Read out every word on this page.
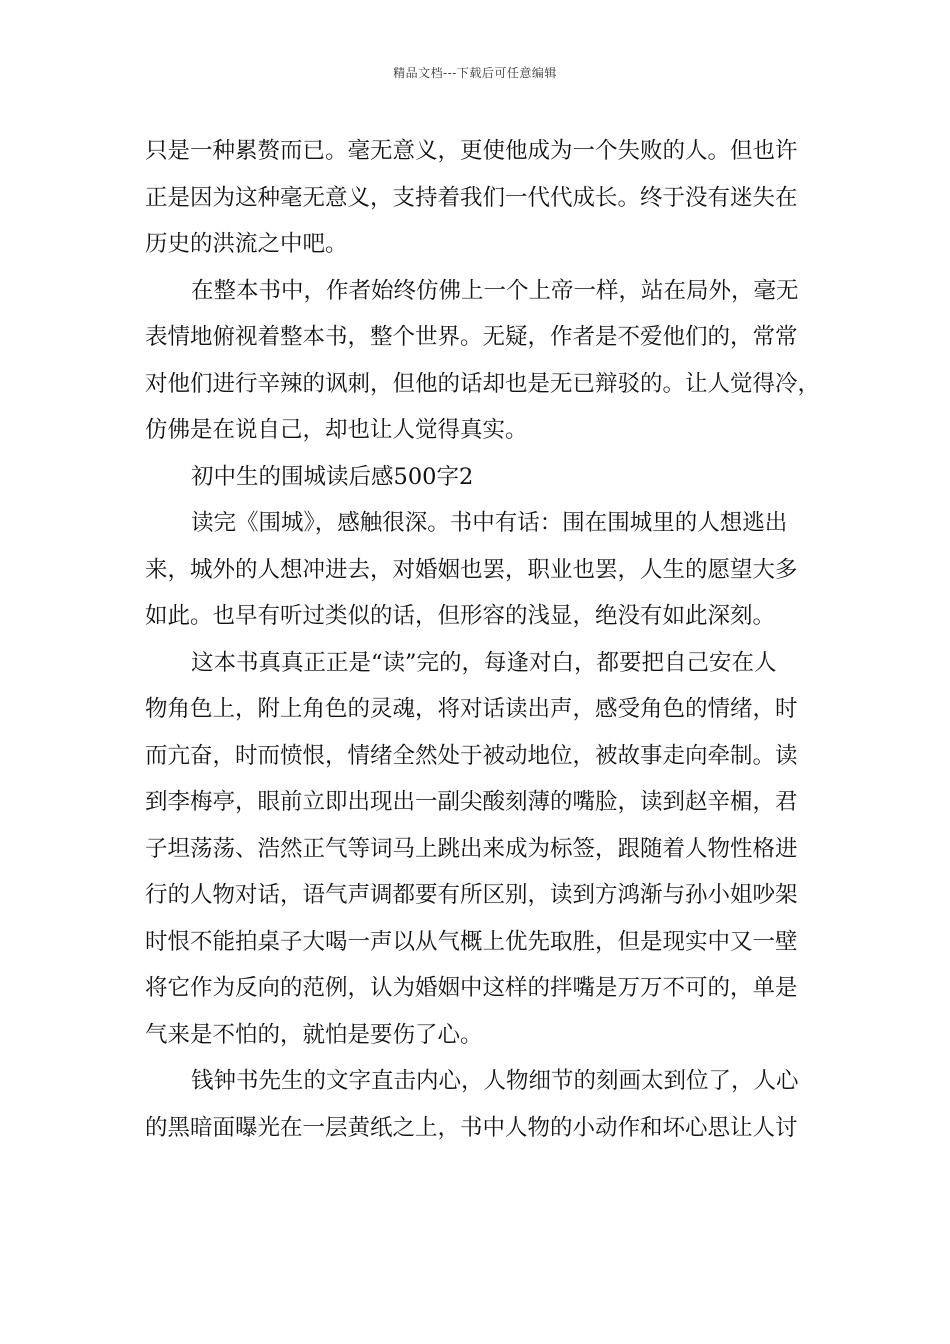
精品文档---下载后可任意编辑
只是一种累赘而已。毫无意义，更使他成为一个失败的人。但也许
正是因为这种毫无意义，支持着我们一代代成长。终于没有迷失在
历史的洪流之中吧。
在整本书中，作者始终仿佛上一个上帝一样，站在局外，毫无
表情地俯视着整本书，整个世界。无疑，作者是不爱他们的，常常
对他们进行辛辣的讽刺，但他的话却也是无已辩驳的。让人觉得冷，
仿佛是在说自己，却也让人觉得真实。
初中生的围城读后感500字2
读完《围城》，感触很深。书中有话：围在围城里的人想逃出
来，城外的人想冲进去，对婚姻也罢，职业也罢，人生的愿望大多
如此。也早有听过类似的话，但形容的浅显，绝没有如此深刻。
这本书真真正正是“读”完的，每逢对白，都要把自己安在人
物角色上，附上角色的灵魂，将对话读出声，感受角色的情绪，时
而亢奋，时而愤恨，情绪全然处于被动地位，被故事走向牵制。读
到李梅亭，眼前立即出现出一副尖酸刻薄的嘴脸，读到赵辛楣，君
子坦荡荡、浩然正气等词马上跳出来成为标签，跟随着人物性格进
行的人物对话，语气声调都要有所区别，读到方鸿渐与孙小姐吵架
时恨不能拍桌子大喝一声以从气概上优先取胜，但是现实中又一壁
将它作为反向的范例，认为婚姻中这样的拌嘴是万万不可的，单是
气来是不怕的，就怕是要伤了心。
钱钟书先生的文字直击内心，人物细节的刻画太到位了，人心
的黑暗面曝光在一层黄纸之上，书中人物的小动作和坏心思让人讨
